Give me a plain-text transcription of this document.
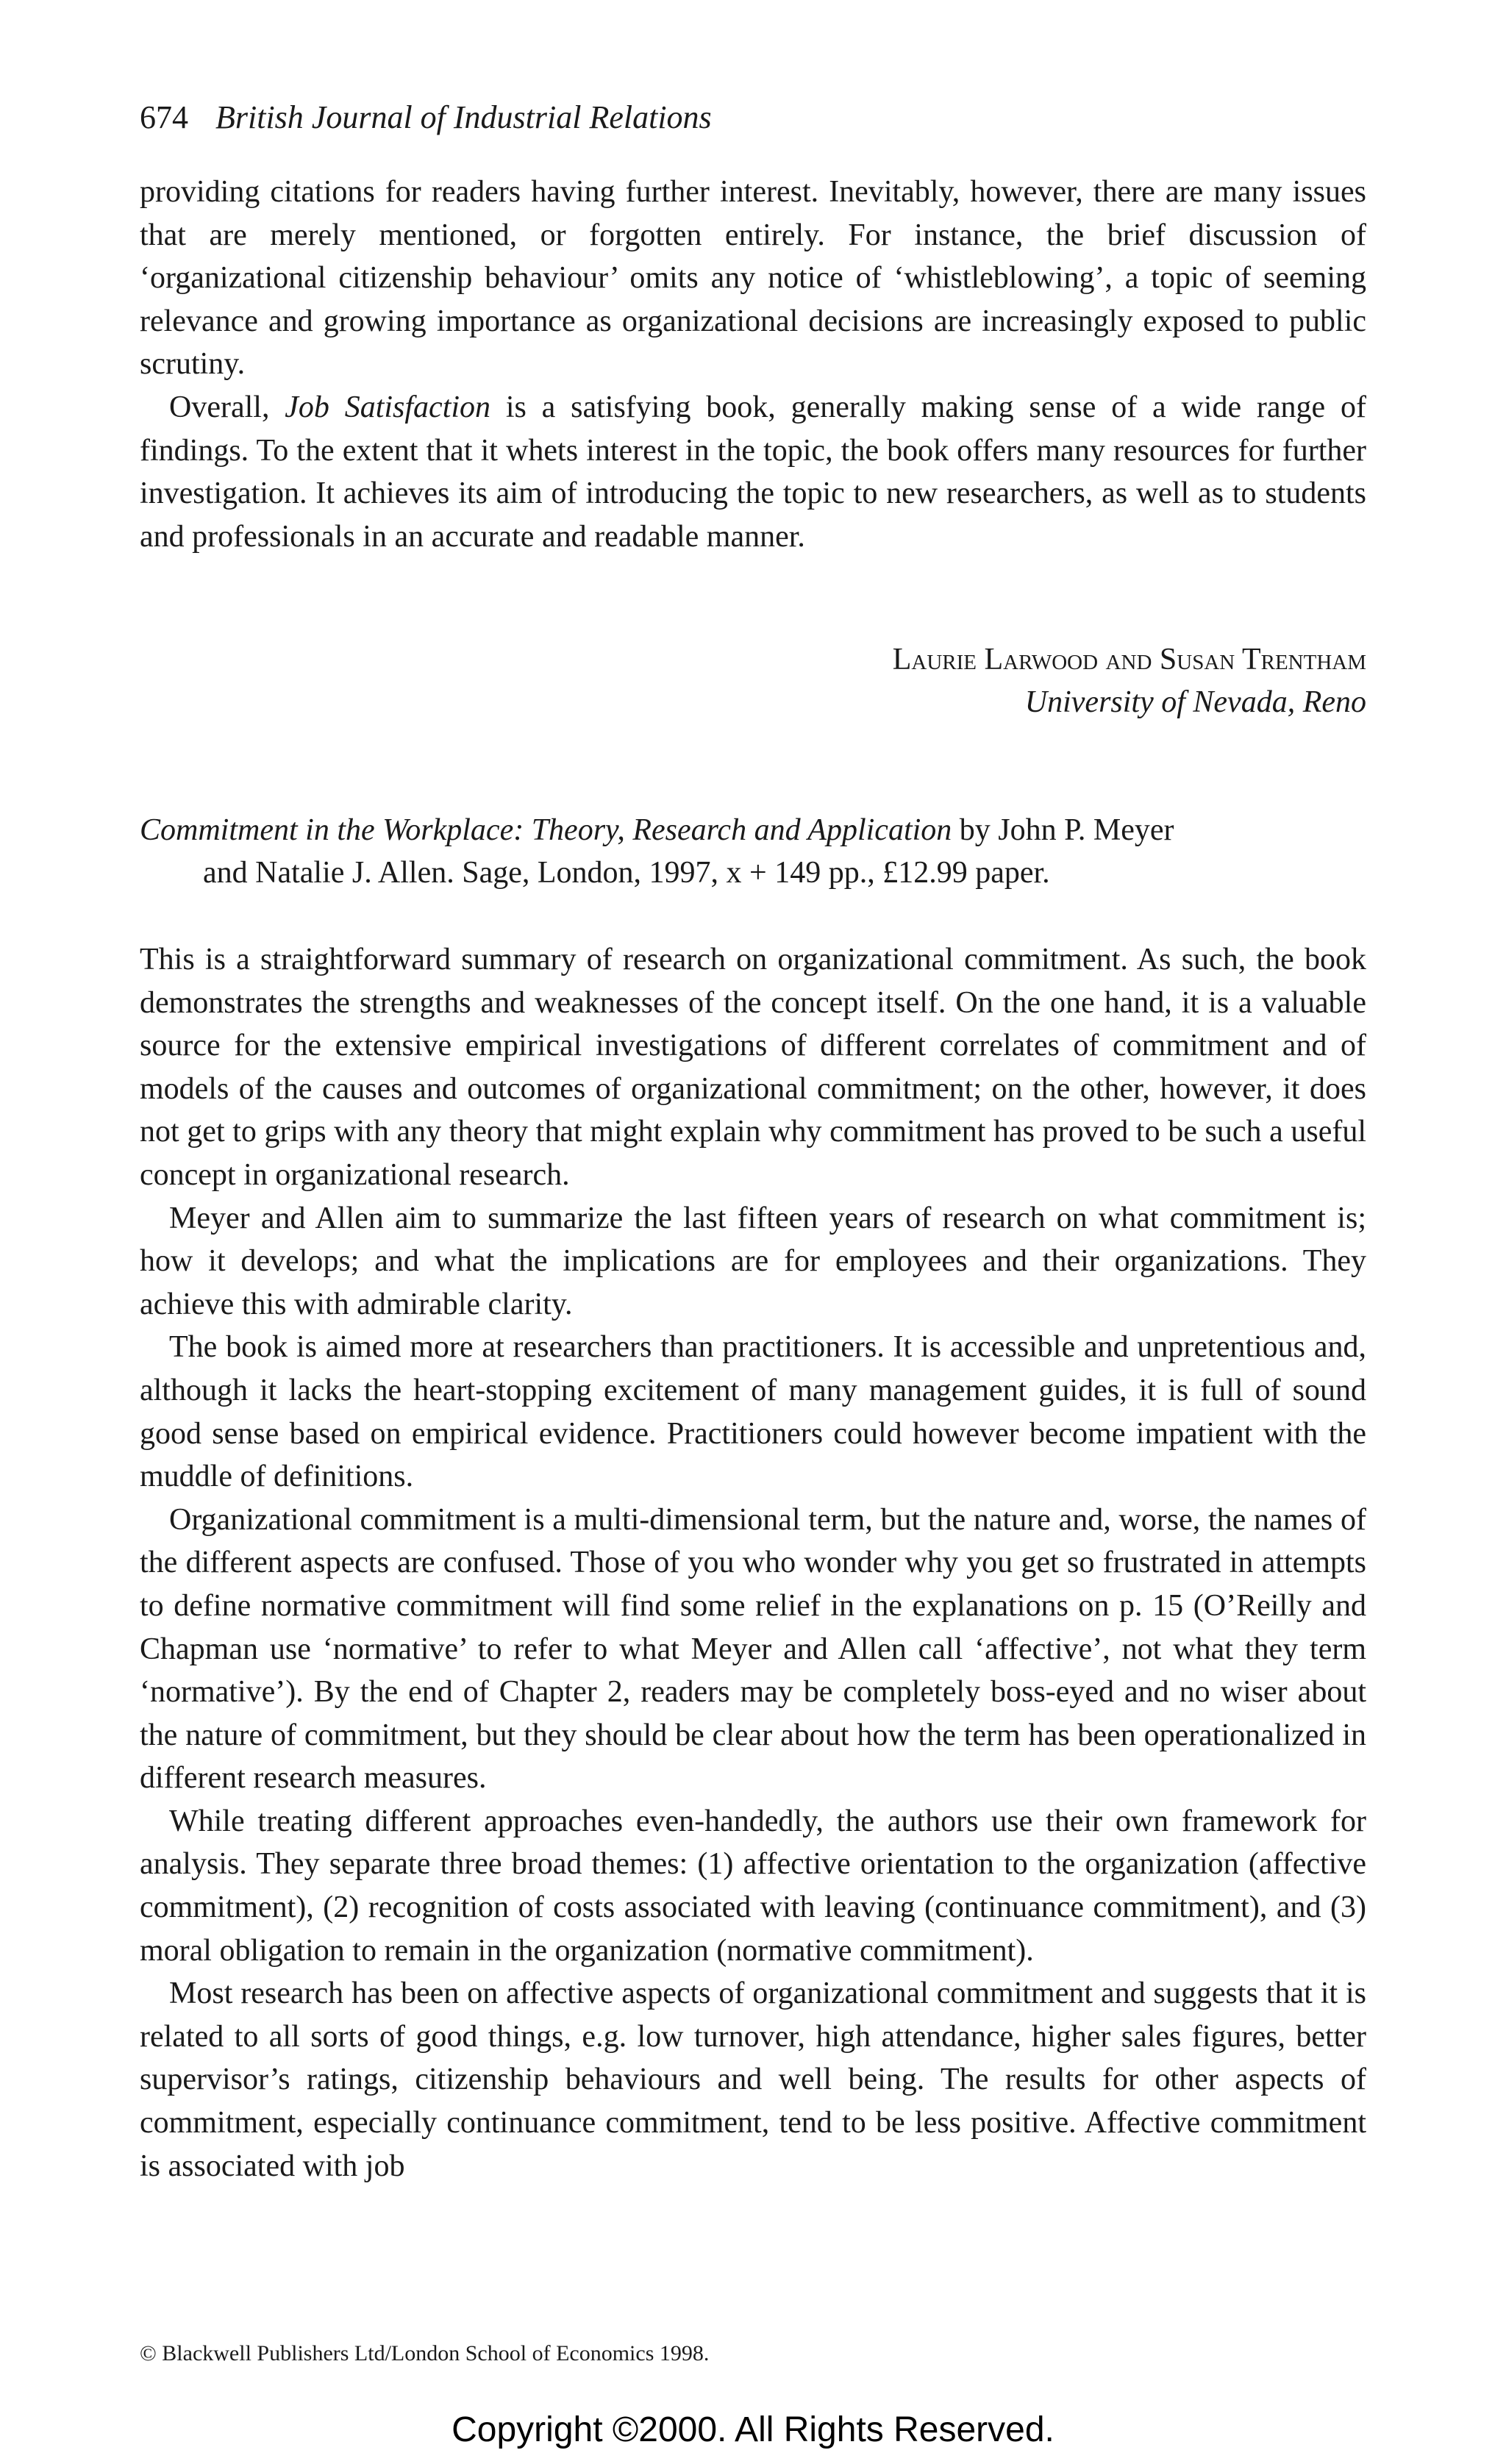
674 British Journal of Industrial Relations

providing citations for readers having further interest. Inevitably, however, there are many issues that are merely mentioned, or forgotten entirely. For instance, the brief discussion of ‘organizational citizenship behaviour’ omits any notice of ‘whistleblowing’, a topic of seeming relevance and growing importance as organizational decisions are increasingly exposed to public scrutiny.

Overall, Job Satisfaction is a satisfying book, generally making sense of a wide range of findings. To the extent that it whets interest in the topic, the book offers many resources for further investigation. It achieves its aim of introducing the topic to new researchers, as well as to students and professionals in an accurate and readable manner.

Laurie Larwood and Susan Trentham
University of Nevada, Reno
Commitment in the Workplace: Theory, Research and Application by John P. Meyer
and Natalie J. Allen. Sage, London, 1997, x + 149 pp., £12.99 paper.

This is a straightforward summary of research on organizational commitment. As such, the book demonstrates the strengths and weaknesses of the concept itself. On the one hand, it is a valuable source for the extensive empirical investigations of different correlates of commitment and of models of the causes and outcomes of organizational commitment; on the other, however, it does not get to grips with any theory that might explain why commitment has proved to be such a useful concept in organizational research.

Meyer and Allen aim to summarize the last fifteen years of research on what commitment is; how it develops; and what the implications are for employees and their organizations. They achieve this with admirable clarity.

The book is aimed more at researchers than practitioners. It is accessible and unpretentious and, although it lacks the heart-stopping excitement of many management guides, it is full of sound good sense based on empirical evidence. Practitioners could however become impatient with the muddle of definitions.

Organizational commitment is a multi-dimensional term, but the nature and, worse, the names of the different aspects are confused. Those of you who wonder why you get so frustrated in attempts to define normative commitment will find some relief in the explanations on p. 15 (O’Reilly and Chapman use ‘normative’ to refer to what Meyer and Allen call ‘affective’, not what they term ‘normative’). By the end of Chapter 2, readers may be completely boss-eyed and no wiser about the nature of commitment, but they should be clear about how the term has been operationalized in different research measures.

While treating different approaches even-handedly, the authors use their own framework for analysis. They separate three broad themes: (1) affective orientation to the organization (affective commitment), (2) recognition of costs associated with leaving (continuance commitment), and (3) moral obligation to remain in the organization (normative commitment).

Most research has been on affective aspects of organizational commitment and suggests that it is related to all sorts of good things, e.g. low turnover, high attendance, higher sales figures, better supervisor’s ratings, citizenship behaviours and well being. The results for other aspects of commitment, especially continuance commitment, tend to be less positive. Affective commitment is associated with job

© Blackwell Publishers Ltd/London School of Economics 1998.
Copyright ©2000. All Rights Reserved.
